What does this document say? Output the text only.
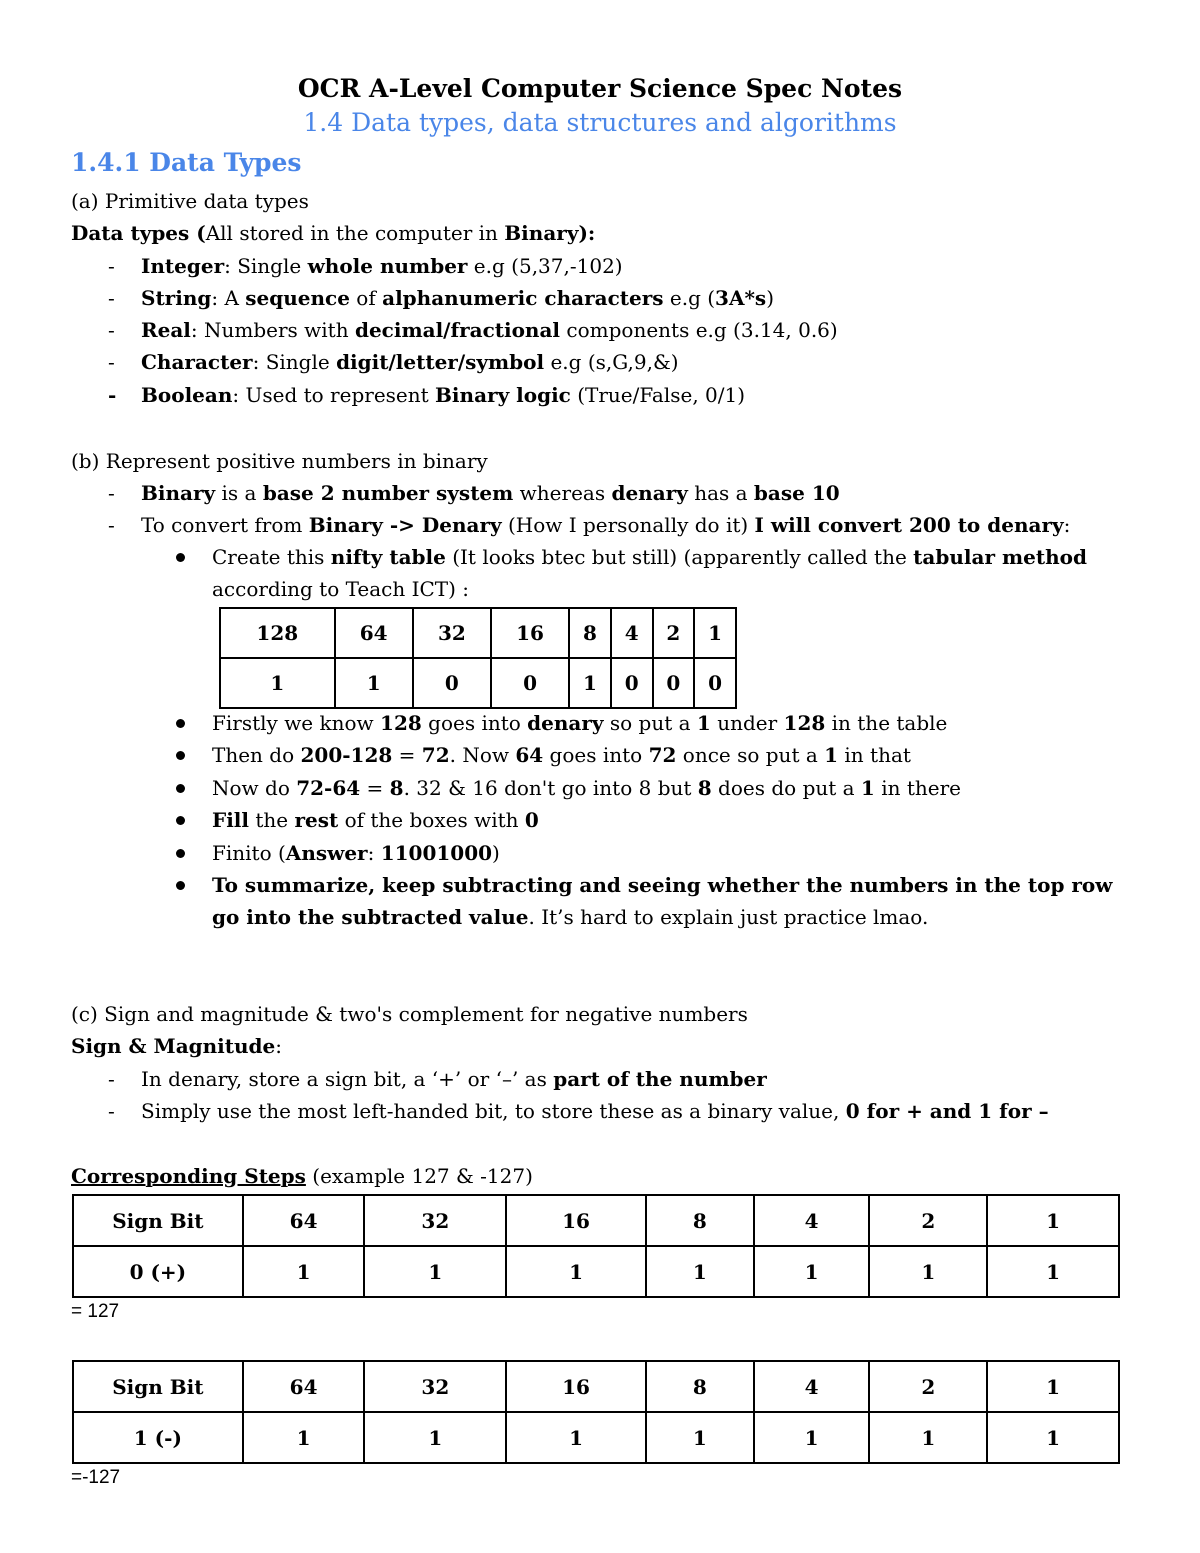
OCR A-Level Computer Science Spec Notes
1.4 Data types, data structures and algorithms
1.4.1 Data Types
(a) Primitive data types
Data types (All stored in the computer in Binary):
- Integer: Single whole number e.g (5,37,-102)
- String: A sequence of alphanumeric characters e.g (3A*s)
- Real: Numbers with decimal/fractional components e.g (3.14, 0.6)
- Character: Single digit/letter/symbol e.g (s,G,9,&)
- Boolean: Used to represent Binary logic (True/False, 0/1)
(b) Represent positive numbers in binary
- Binary is a base 2 number system whereas denary has a base 10
- To convert from Binary -> Denary (How I personally do it) I will convert 200 to denary:
Create this nifty table (It looks btec but still) (apparently called the tabular method
according to Teach ICT) :
128	64	32	16	8	4	2	1
1	1	0	0	1	0	0	0
Firstly we know 128 goes into denary so put a 1 under 128 in the table
Then do 200-128 = 72. Now 64 goes into 72 once so put a 1 in that
Now do 72-64 = 8. 32 & 16 don't go into 8 but 8 does do put a 1 in there
Fill the rest of the boxes with 0
Finito (Answer: 11001000)
To summarize, keep subtracting and seeing whether the numbers in the top row
go into the subtracted value. It’s hard to explain just practice lmao.
(c) Sign and magnitude & two's complement for negative numbers
Sign & Magnitude:
- In denary, store a sign bit, a ‘+’ or ‘–’ as part of the number
- Simply use the most left-handed bit, to store these as a binary value, 0 for + and 1 for –
Corresponding Steps (example 127 & -127)
Sign Bit	64	32	16	8	4	2	1
0 (+)	1	1	1	1	1	1	1
= 127
Sign Bit	64	32	16	8	4	2	1
1 (-)	1	1	1	1	1	1	1
=-127
